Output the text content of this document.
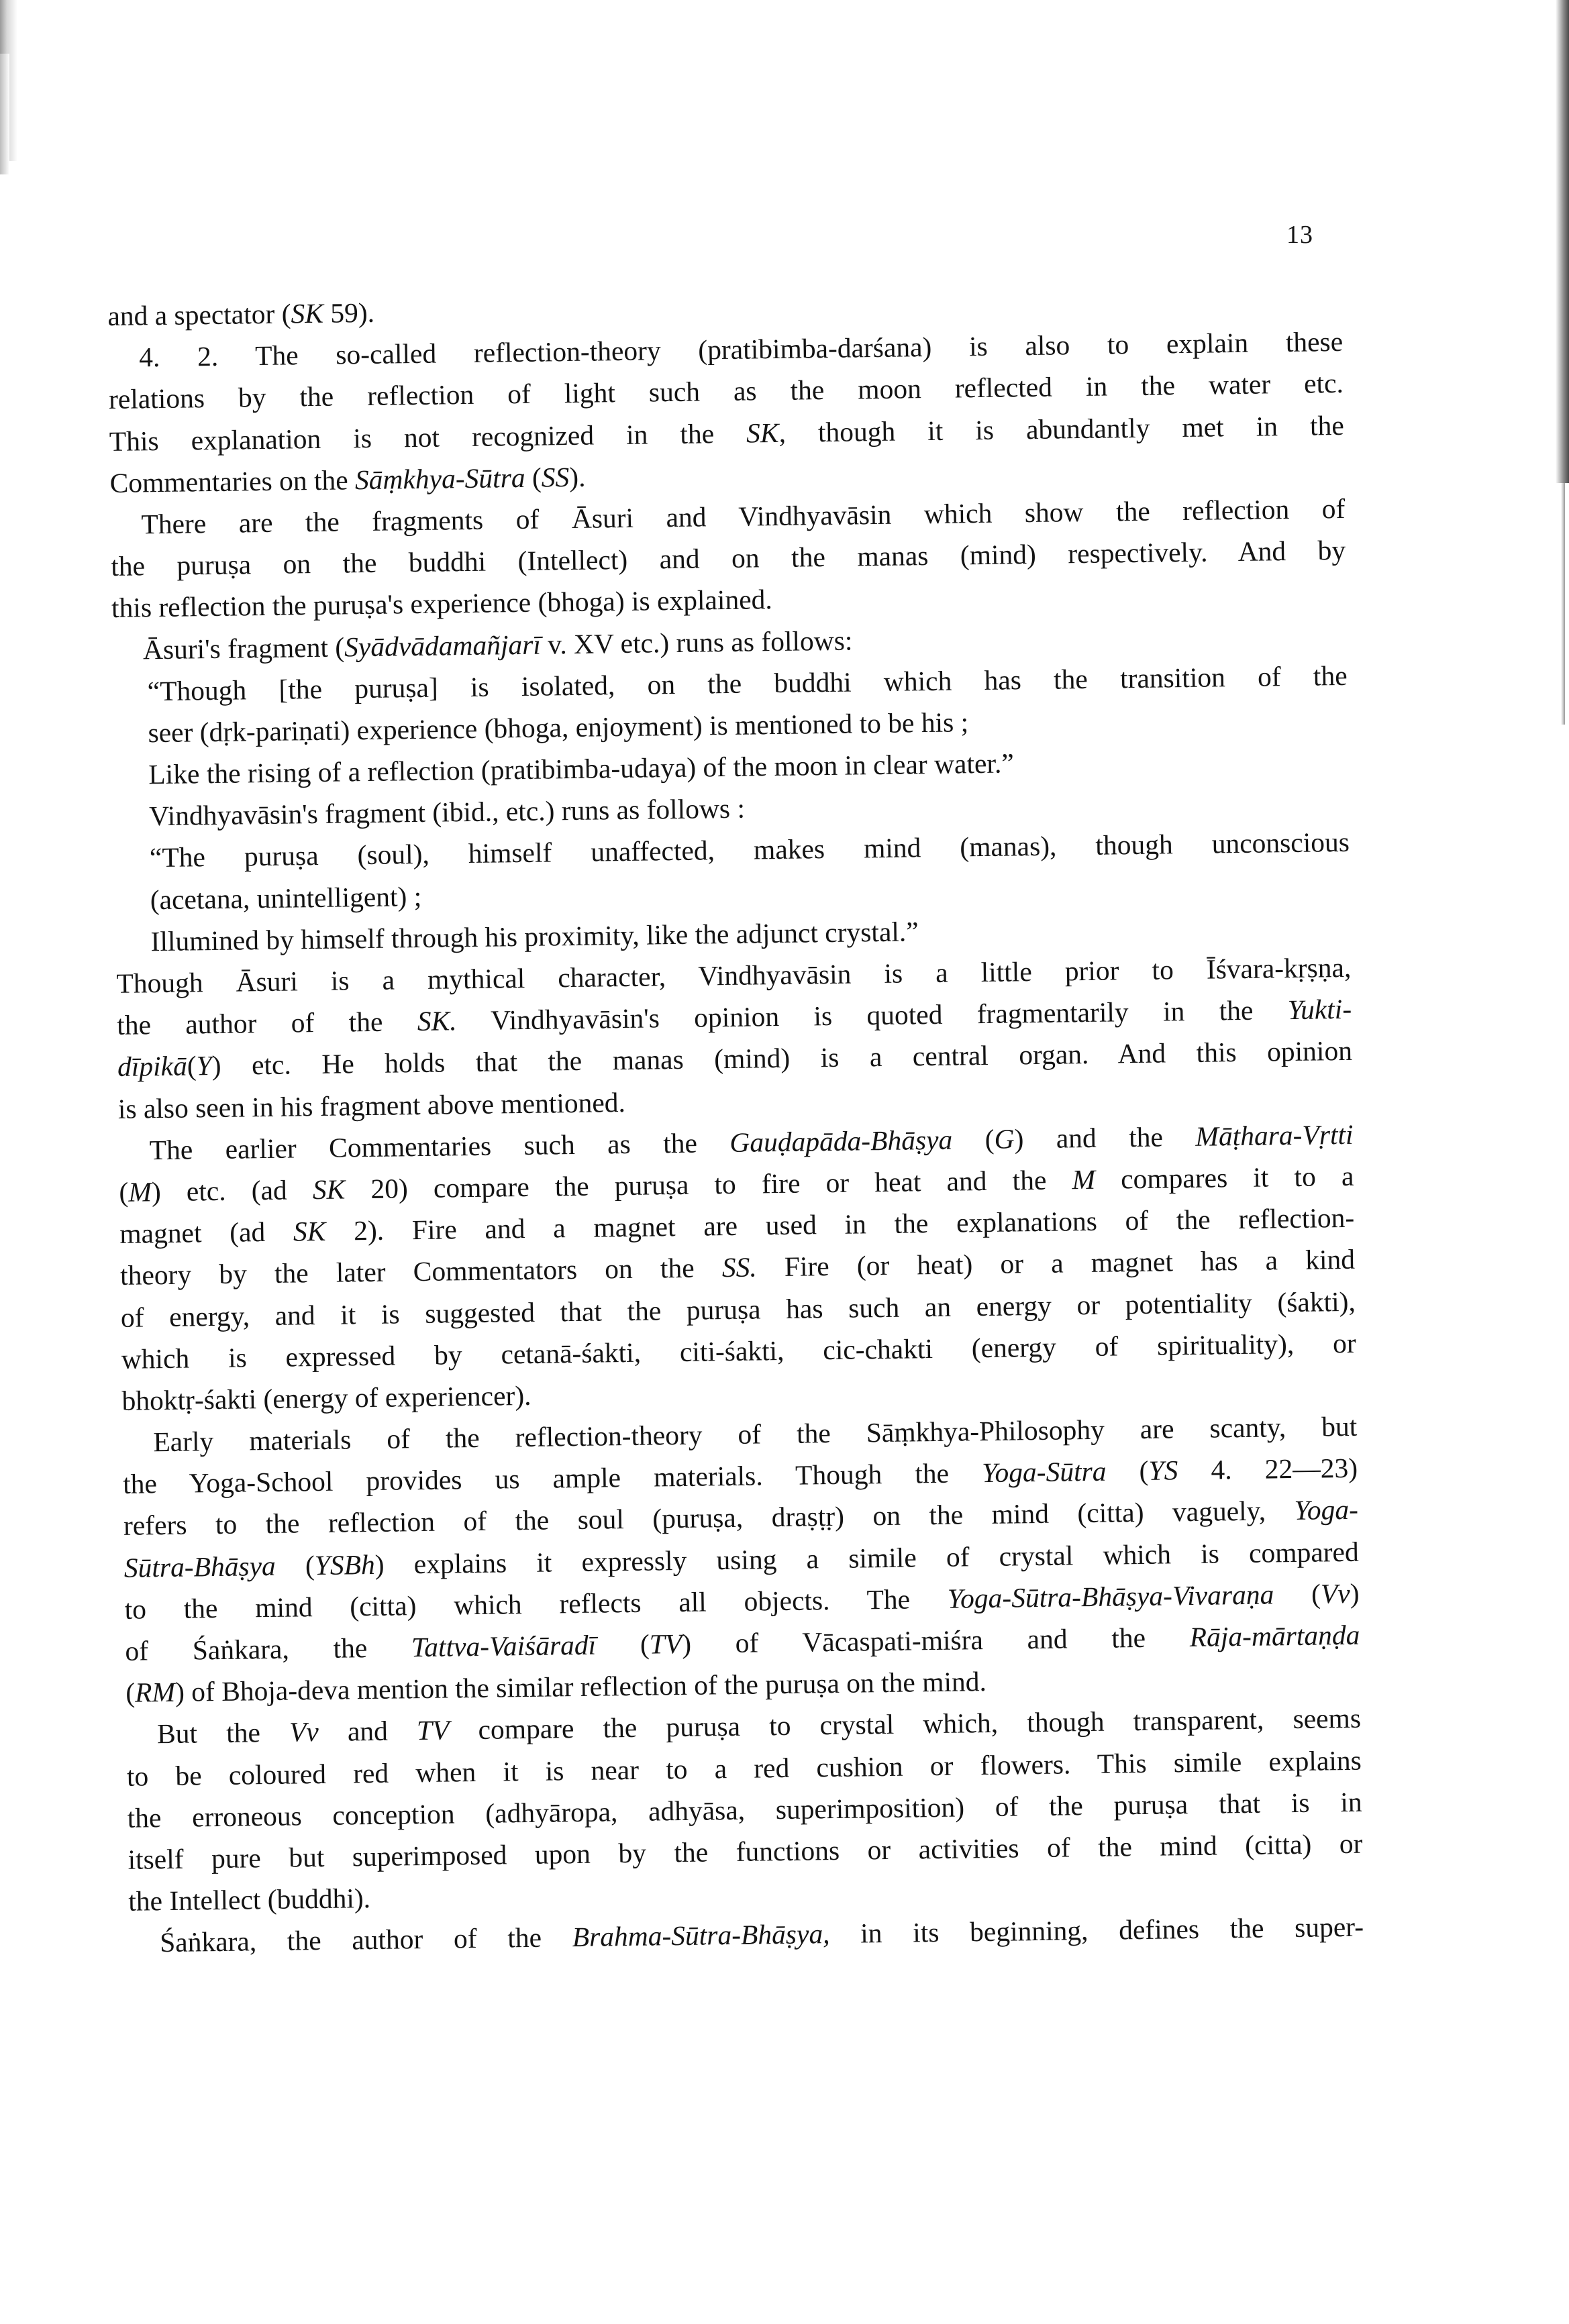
13
and a spectator (SK 59).
4. 2. The so-called reflection-theory (pratibimba-darśana) is also to explain these
relations by the reflection of light such as the moon reflected in the water etc.
This explanation is not recognized in the SK, though it is abundantly met in the
Commentaries on the Sāṃkhya-Sūtra (SS).
There are the fragments of Āsuri and Vindhyavāsin which show the reflection of
the puruṣa on the buddhi (Intellect) and on the manas (mind) respectively. And by
this reflection the puruṣa's experience (bhoga) is explained.
Āsuri's fragment (Syādvādamañjarī v. XV etc.) runs as follows:
“Though [the puruṣa] is isolated, on the buddhi which has the transition of the
seer (dṛk-pariṇati) experience (bhoga, enjoyment) is mentioned to be his ;
Like the rising of a reflection (pratibimba-udaya) of the moon in clear water.”
Vindhyavāsin's fragment (ibid., etc.) runs as follows :
“The puruṣa (soul), himself unaffected, makes mind (manas), though unconscious
(acetana, unintelligent) ;
Illumined by himself through his proximity, like the adjunct crystal.”
Though Āsuri is a mythical character, Vindhyavāsin is a little prior to Īśvara-kṛṣṇa,
the author of the SK. Vindhyavāsin's opinion is quoted fragmentarily in the Yukti-
dīpikā(Y) etc. He holds that the manas (mind) is a central organ. And this opinion
is also seen in his fragment above mentioned.
The earlier Commentaries such as the Gauḍapāda-Bhāṣya (G) and the Māṭhara-Vṛtti
(M) etc. (ad SK 20) compare the puruṣa to fire or heat and the M compares it to a
magnet (ad SK 2). Fire and a magnet are used in the explanations of the reflection-
theory by the later Commentators on the SS. Fire (or heat) or a magnet has a kind
of energy, and it is suggested that the puruṣa has such an energy or potentiality (śakti),
which is expressed by cetanā-śakti, citi-śakti, cic-chakti (energy of spirituality), or
bhoktṛ-śakti (energy of experiencer).
Early materials of the reflection-theory of the Sāṃkhya-Philosophy are scanty, but
the Yoga-School provides us ample materials. Though the Yoga-Sūtra (YS 4. 22—23)
refers to the reflection of the soul (puruṣa, draṣṭṛ) on the mind (citta) vaguely, Yoga-
Sūtra-Bhāṣya (YSBh) explains it expressly using a simile of crystal which is compared
to the mind (citta) which reflects all objects. The Yoga-Sūtra-Bhāṣya-Vivaraṇa (Vv)
of Śaṅkara, the Tattva-Vaiśāradī (TV) of Vācaspati-miśra and the Rāja-mārtaṇḍa
(RM) of Bhoja-deva mention the similar reflection of the puruṣa on the mind.
But the Vv and TV compare the puruṣa to crystal which, though transparent, seems
to be coloured red when it is near to a red cushion or flowers. This simile explains
the erroneous conception (adhyāropa, adhyāsa, superimposition) of the puruṣa that is in
itself pure but superimposed upon by the functions or activities of the mind (citta) or
the Intellect (buddhi).
Śaṅkara, the author of the Brahma-Sūtra-Bhāṣya, in its beginning, defines the super-
